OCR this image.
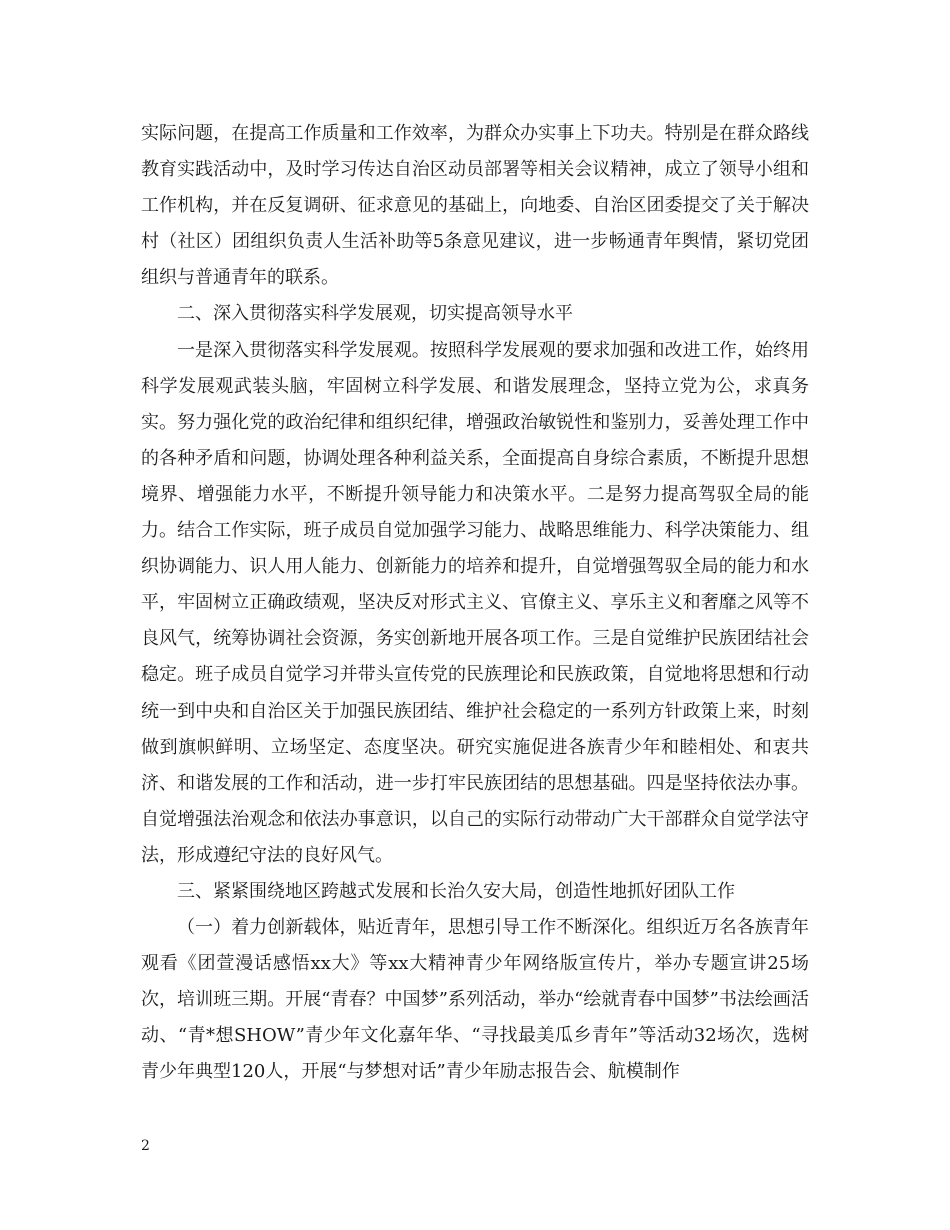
实际问题，在提高工作质量和工作效率，为群众办实事上下功夫。特别是在群众路线教育实践活动中，及时学习传达自治区动员部署等相关会议精神，成立了领导小组和工作机构，并在反复调研、征求意见的基础上，向地委、自治区团委提交了关于解决村（社区）团组织负责人生活补助等5条意见建议，进一步畅通青年舆情，紧切党团组织与普通青年的联系。

二、深入贯彻落实科学发展观，切实提高领导水平

一是深入贯彻落实科学发展观。按照科学发展观的要求加强和改进工作，始终用科学发展观武装头脑，牢固树立科学发展、和谐发展理念，坚持立党为公，求真务实。努力强化党的政治纪律和组织纪律，增强政治敏锐性和鉴别力，妥善处理工作中的各种矛盾和问题，协调处理各种利益关系，全面提高自身综合素质，不断提升思想境界、增强能力水平，不断提升领导能力和决策水平。二是努力提高驾驭全局的能力。结合工作实际，班子成员自觉加强学习能力、战略思维能力、科学决策能力、组织协调能力、识人用人能力、创新能力的培养和提升，自觉增强驾驭全局的能力和水平，牢固树立正确政绩观，坚决反对形式主义、官僚主义、享乐主义和奢靡之风等不良风气，统筹协调社会资源，务实创新地开展各项工作。三是自觉维护民族团结社会稳定。班子成员自觉学习并带头宣传党的民族理论和民族政策，自觉地将思想和行动统一到中央和自治区关于加强民族团结、维护社会稳定的一系列方针政策上来，时刻做到旗帜鲜明、立场坚定、态度坚决。研究实施促进各族青少年和睦相处、和衷共济、和谐发展的工作和活动，进一步打牢民族团结的思想基础。四是坚持依法办事。自觉增强法治观念和依法办事意识，以自己的实际行动带动广大干部群众自觉学法守法，形成遵纪守法的良好风气。

三、紧紧围绕地区跨越式发展和长治久安大局，创造性地抓好团队工作

（一）着力创新载体，贴近青年，思想引导工作不断深化。组织近万名各族青年观看《团萱漫话感悟xx大》等xx大精神青少年网络版宣传片，举办专题宣讲25场次，培训班三期。开展“青春？中国梦”系列活动，举办“绘就青春中国梦”书法绘画活动、“青*想SHOW”青少年文化嘉年华、“寻找最美瓜乡青年”等活动32场次，选树青少年典型120人，开展“与梦想对话”青少年励志报告会、航模制作

2
